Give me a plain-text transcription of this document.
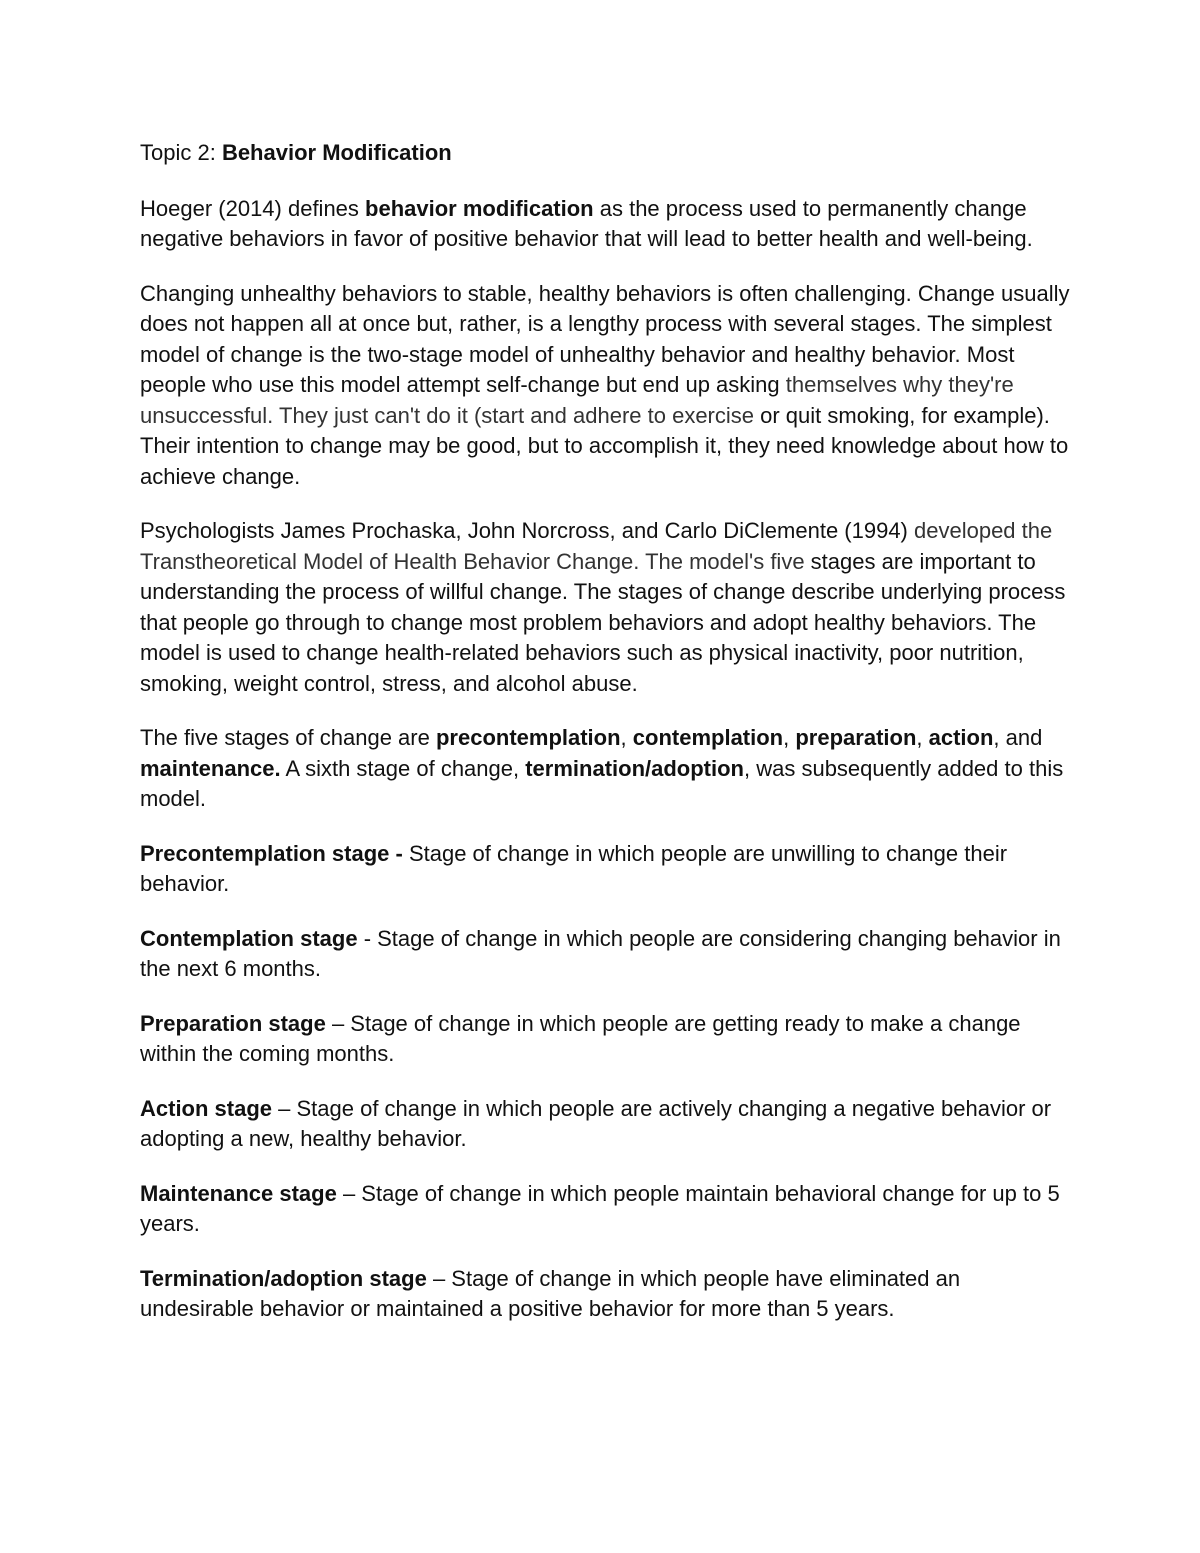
Topic 2: Behavior Modification

Hoeger (2014) defines behavior modification as the process used to permanently change negative behaviors in favor of positive behavior that will lead to better health and well-being.

Changing unhealthy behaviors to stable, healthy behaviors is often challenging. Change usually does not happen all at once but, rather, is a lengthy process with several stages. The simplest model of change is the two-stage model of unhealthy behavior and healthy behavior. Most people who use this model attempt self-change but end up asking themselves why they're unsuccessful. They just can't do it (start and adhere to exercise or quit smoking, for example). Their intention to change may be good, but to accomplish it, they need knowledge about how to achieve change.

Psychologists James Prochaska, John Norcross, and Carlo DiClemente (1994) developed the Transtheoretical Model of Health Behavior Change. The model's five stages are important to understanding the process of willful change. The stages of change describe underlying process that people go through to change most problem behaviors and adopt healthy behaviors. The model is used to change health-related behaviors such as physical inactivity, poor nutrition, smoking, weight control, stress, and alcohol abuse.

The five stages of change are precontemplation, contemplation, preparation, action, and maintenance. A sixth stage of change, termination/adoption, was subsequently added to this model.

Precontemplation stage - Stage of change in which people are unwilling to change their behavior.

Contemplation stage - Stage of change in which people are considering changing behavior in the next 6 months.

Preparation stage – Stage of change in which people are getting ready to make a change within the coming months.

Action stage – Stage of change in which people are actively changing a negative behavior or adopting a new, healthy behavior.

Maintenance stage – Stage of change in which people maintain behavioral change for up to 5 years.

Termination/adoption stage – Stage of change in which people have eliminated an undesirable behavior or maintained a positive behavior for more than 5 years.
